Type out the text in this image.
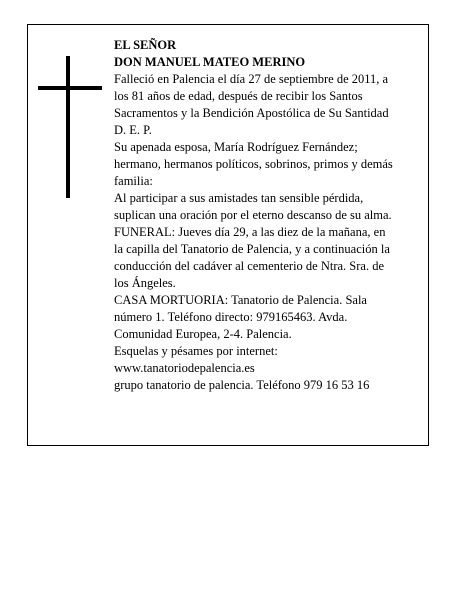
EL SEÑOR
DON MANUEL MATEO MERINO
Falleció en Palencia el día 27 de septiembre de 2011, a
los 81 años de edad, después de recibir los Santos
Sacramentos y la Bendición Apostólica de Su Santidad
D. E. P.
Su apenada esposa, María Rodríguez Fernández;
hermano, hermanos políticos, sobrinos, primos y demás
familia:
Al participar a sus amistades tan sensible pérdida,
suplican una oración por el eterno descanso de su alma.
FUNERAL: Jueves día 29, a las diez de la mañana, en
la capilla del Tanatorio de Palencia, y a continuación la
conducción del cadáver al cementerio de Ntra. Sra. de
los Ángeles.
CASA MORTUORIA: Tanatorio de Palencia. Sala
número 1. Teléfono directo: 979165463. Avda.
Comunidad Europea, 2-4. Palencia.
Esquelas y pésames por internet:
www.tanatoriodepalencia.es
grupo tanatorio de palencia. Teléfono 979 16 53 16
